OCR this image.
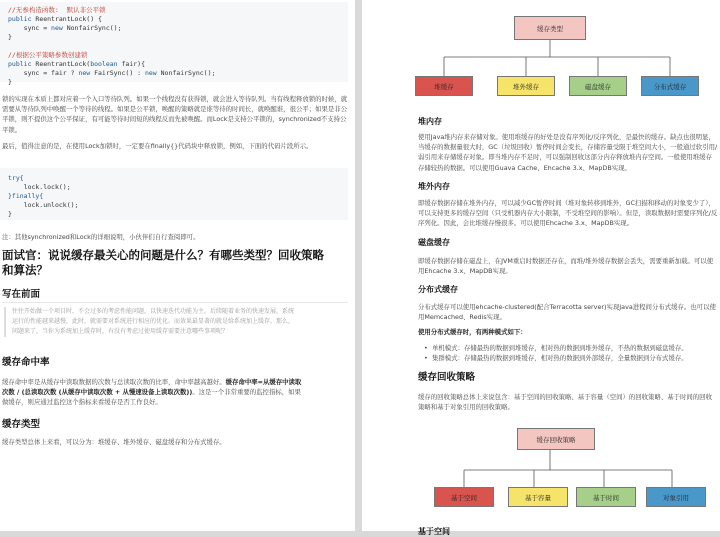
//无参构造函数:  默认非公平锁
public ReentrantLock() {
sync = new NonfairSync();
}

//根据公平策略参数创建锁
public ReentrantLock(boolean fair){
sync = fair ? new FairSync() : new NonfairSync();
}
锁的实现在本质上都对应着一个入口等待队列。如果一个线程没有获得锁，就会进入等待队列。当有线程释放锁的时候，就需要从等待队列中唤醒一个等待的线程。如果是公平锁，唤醒的策略就是谁等待的时间长，就唤醒谁，很公平；如果是非公平锁，则不提供这个公平保证，有可能等待时间短的线程反而先被唤醒。而Lock是支持公平锁的，synchronized不支持公平锁。
最后，值得注意的是，在使用Lock加锁时，一定要在finally{}代码块中释放锁，例如，下面的代码片段所示。
try{
lock.lock();
}finally{
lock.unlock();
}
注：其他synchronized和Lock的详细说明，小伙伴们自行查阅即可。
面试官：说说缓存最关心的问题是什么？有哪些类型？回收策略和算法？
写在前面
往往开始做一个项目时，不会过多的考虑性能问题，以快速迭代功能为主。后续随着业务的快速发展，系统运行的性能越来越慢，此时，就需要对系统进行相应的优化。而效果最显著的就是给系统加上缓存。那么，问题来了，当你为系统加上缓存时，有没有考虑过使用缓存需要注意哪些事项呢？
缓存命中率
缓存命中率是从缓存中读取数据的次数与总读取次数的比率，命中率越高越好。缓存命中率=从缓存中读取次数 / (总读取次数 (从缓存中读取次数 + 从慢速设备上读取次数))。这是一个非常重要的监控指标，如果做缓存，则应通过监控这个指标来看缓存是否工作良好。
缓存类型
缓存类型总体上来看，可以分为：堆缓存、堆外缓存、磁盘缓存和分布式缓存。
缓存类型
堆缓存	堆外缓存	磁盘缓存	分布式缓存
堆内存
使用Java堆内存来存储对象。使用堆缓存的好处是没有序列化/反序列化，是最快的缓存。缺点也很明显，当缓存的数据量很大时，GC（垃圾回收）暂停时间会变长，存储容量受限于堆空间大小，一般通过软引用/弱引用来存储缓存对象。即当堆内存不足时，可以强制回收这部分内存释放堆内存空间。一般使用堆缓存存储较热的数据。可以使用Guava Cache、Ehcache 3.x、MapDB实现。
堆外内存
即缓存数据存储在堆外内存，可以减少GC暂停时间（堆对象转移到堆外，GC扫描和移动的对象变少了），可以支持更多的缓存空间（只受机器内存大小限制，不受堆空间的影响）。但是，读取数据时需要序列化/反序列化。因此，会比堆缓存慢很多。可以使用Ehcache 3.x、MapDB实现。
磁盘缓存
即缓存数据存储在磁盘上，在JVM重启时数据还存在，而堆/堆外缓存数据会丢失，需要重新加载。可以使用Ehcache 3.x、MapDB实现。
分布式缓存
分布式缓存可以使用ehcache-clustered(配合Terracotta server)实现Java进程间分布式缓存。也可以使用Memcached、Redis实现。
使用分布式缓存时，有两种模式如下：
• 单机模式：存储最热的数据到堆缓存，相对热的数据到堆外缓存，不热的数据到磁盘缓存。
• 集群模式：存储最热的数据到堆缓存，相对热的数据到外部缓存，全量数据到分布式缓存。
缓存回收策略
缓存的回收策略总体上来说包含：基于空间的回收策略、基于容量（空间）的回收策略、基于时间的回收策略和基于对象引用的回收策略。
缓存回收策略
基于空间	基于容量	基于时间	对象引用
基于空间
